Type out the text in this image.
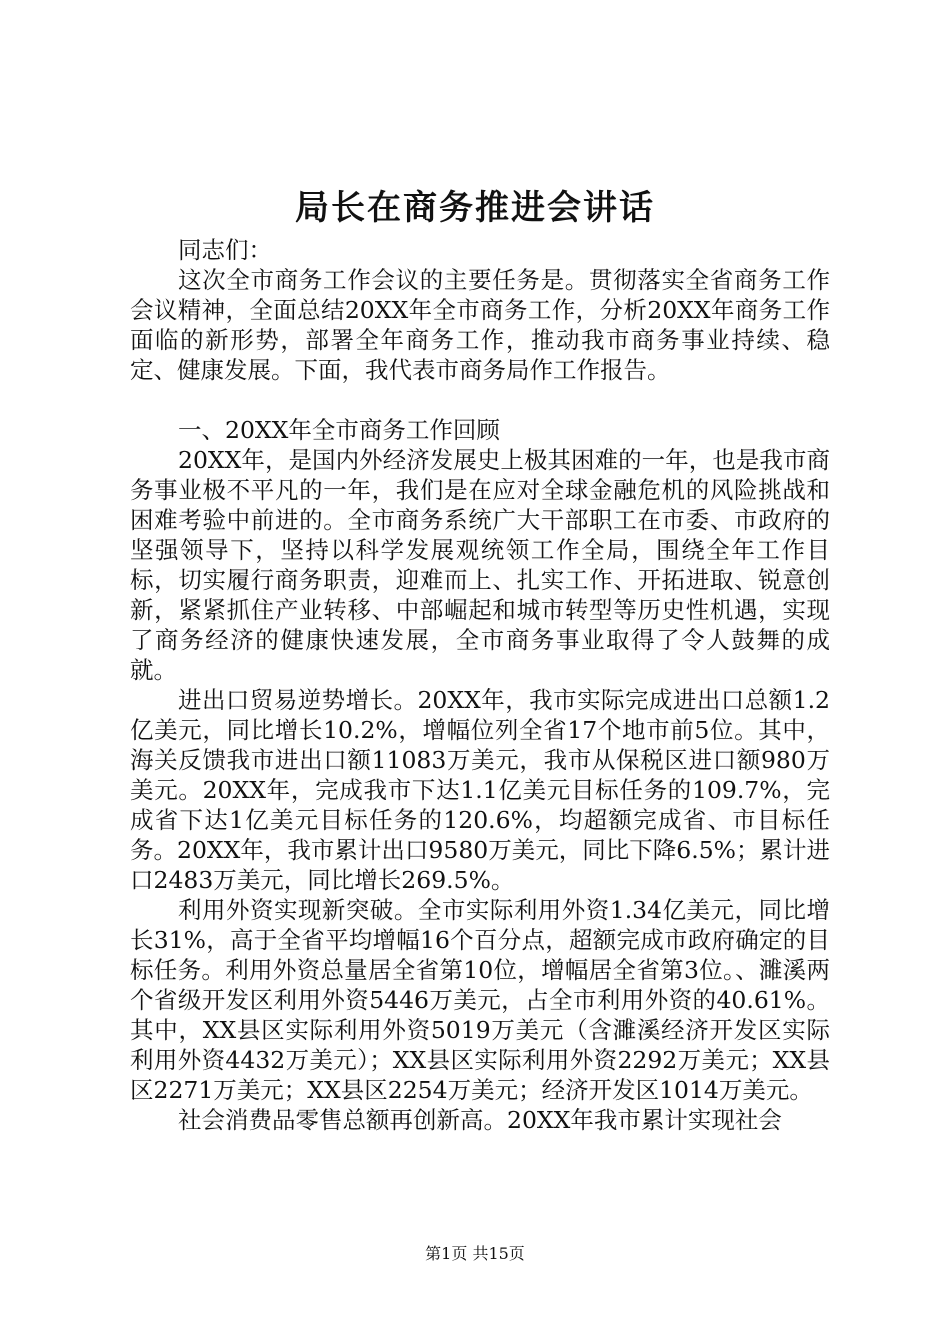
局长在商务推进会讲话

同志们：

这次全市商务工作会议的主要任务是。贯彻落实全省商务工作会议精神，全面总结20XX年全市商务工作，分析20XX年商务工作面临的新形势，部署全年商务工作，推动我市商务事业持续、稳定、健康发展。下面，我代表市商务局作工作报告。

一、20XX年全市商务工作回顾

20XX年，是国内外经济发展史上极其困难的一年，也是我市商务事业极不平凡的一年，我们是在应对全球金融危机的风险挑战和困难考验中前进的。全市商务系统广大干部职工在市委、市政府的坚强领导下，坚持以科学发展观统领工作全局，围绕全年工作目标，切实履行商务职责，迎难而上、扎实工作、开拓进取、锐意创新，紧紧抓住产业转移、中部崛起和城市转型等历史性机遇，实现了商务经济的健康快速发展，全市商务事业取得了令人鼓舞的成就。

进出口贸易逆势增长。20XX年，我市实际完成进出口总额1.2亿美元，同比增长10.2%，增幅位列全省17个地市前5位。其中，海关反馈我市进出口额11083万美元，我市从保税区进口额980万美元。20XX年，完成我市下达1.1亿美元目标任务的109.7%，完成省下达1亿美元目标任务的120.6%，均超额完成省、市目标任务。20XX年，我市累计出口9580万美元，同比下降6.5%；累计进口2483万美元，同比增长269.5%。

利用外资实现新突破。全市实际利用外资1.34亿美元，同比增长31%，高于全省平均增幅16个百分点，超额完成市政府确定的目标任务。利用外资总量居全省第10位，增幅居全省第3位。、濉溪两个省级开发区利用外资5446万美元，占全市利用外资的40.61%。其中，XX县区实际利用外资5019万美元（含濉溪经济开发区实际利用外资4432万美元）；XX县区实际利用外资2292万美元；XX县区2271万美元；XX县区2254万美元；经济开发区1014万美元。

社会消费品零售总额再创新高。20XX年我市累计实现社会

第1页 共15页
